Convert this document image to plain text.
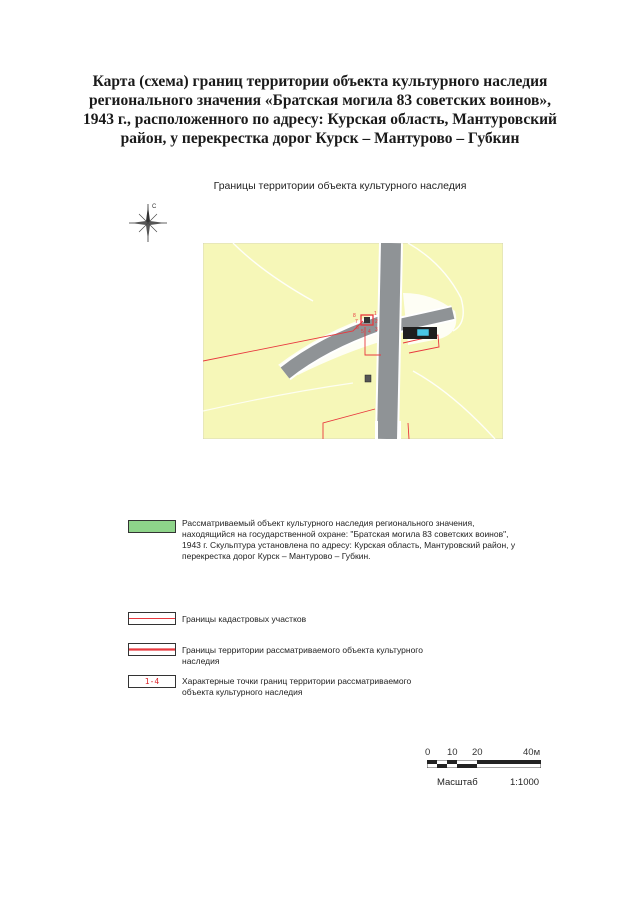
Карта (схема) границ территории объекта культурного наследия
регионального значения «Братская могила 83 советских воинов»,
1943 г., расположенного по адресу: Курская область, Мантуровский
район, у перекрестка дорог Курск – Мантурово – Губкин
Границы территории объекта культурного наследия
С
1
2
3
4
5
6
7
8
Рассматриваемый объект культурного наследия регионального значения,
находящийся на государственной охране: "Братская могила 83 советских воинов",
1943 г. Скульптура установлена по адресу: Курская область, Мантуровский район, у
перекрестка дорог Курск – Мантурово – Губкин.
Границы кадастровых участков
Границы территории рассматриваемого объекта культурного
наследия
1-4	Характерные точки границ территории рассматриваемого
объекта культурного наследия
0 10 20	40м
Масштаб	1:1000
